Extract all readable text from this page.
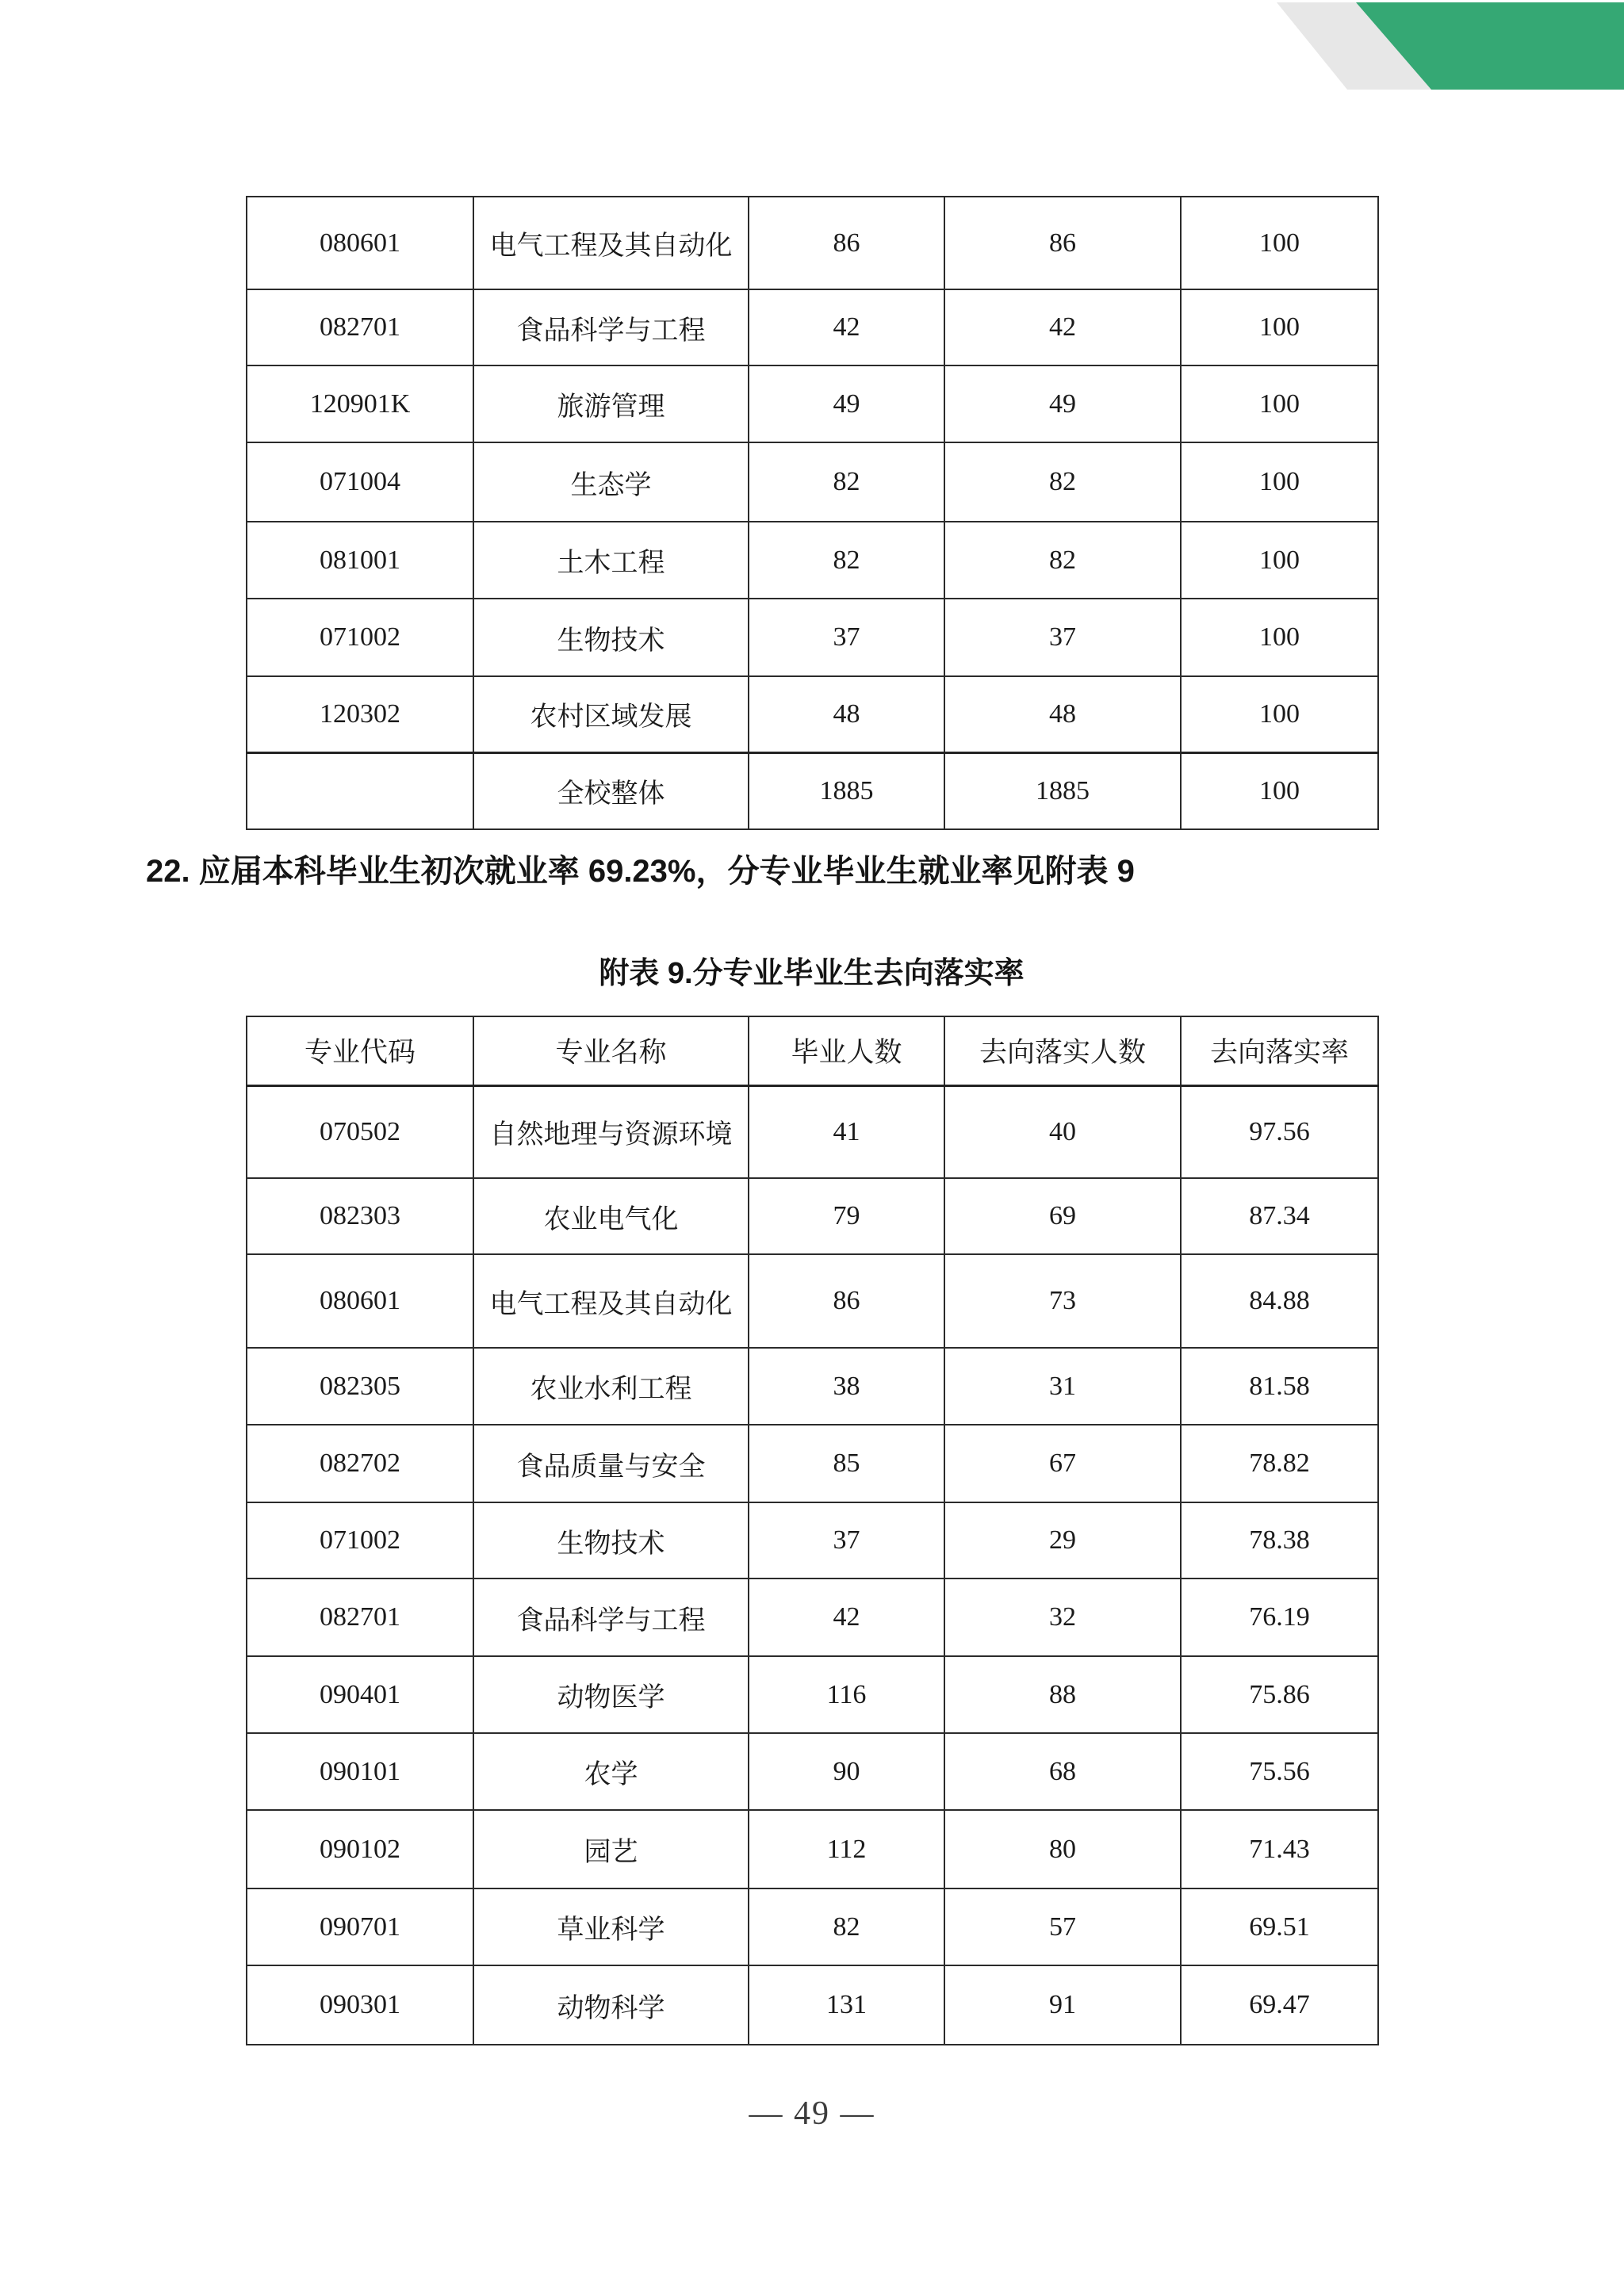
080601	电气工程及其自动化	86	86	100
082701	食品科学与工程	42	42	100
120901K	旅游管理	49	49	100
071004	生态学	82	82	100
081001	土木工程	82	82	100
071002	生物技术	37	37	100
120302	农村区域发展	48	48	100
	全校整体	1885	1885	100
22. 应届本科毕业生初次就业率 69.23%，分专业毕业生就业率见附表 9
附表 9.分专业毕业生去向落实率
专业代码	专业名称	毕业人数	去向落实人数	去向落实率
070502	自然地理与资源环境	41	40	97.56
082303	农业电气化	79	69	87.34
080601	电气工程及其自动化	86	73	84.88
082305	农业水利工程	38	31	81.58
082702	食品质量与安全	85	67	78.82
071002	生物技术	37	29	78.38
082701	食品科学与工程	42	32	76.19
090401	动物医学	116	88	75.86
090101	农学	90	68	75.56
090102	园艺	112	80	71.43
090701	草业科学	82	57	69.51
090301	动物科学	131	91	69.47
— 49 —
